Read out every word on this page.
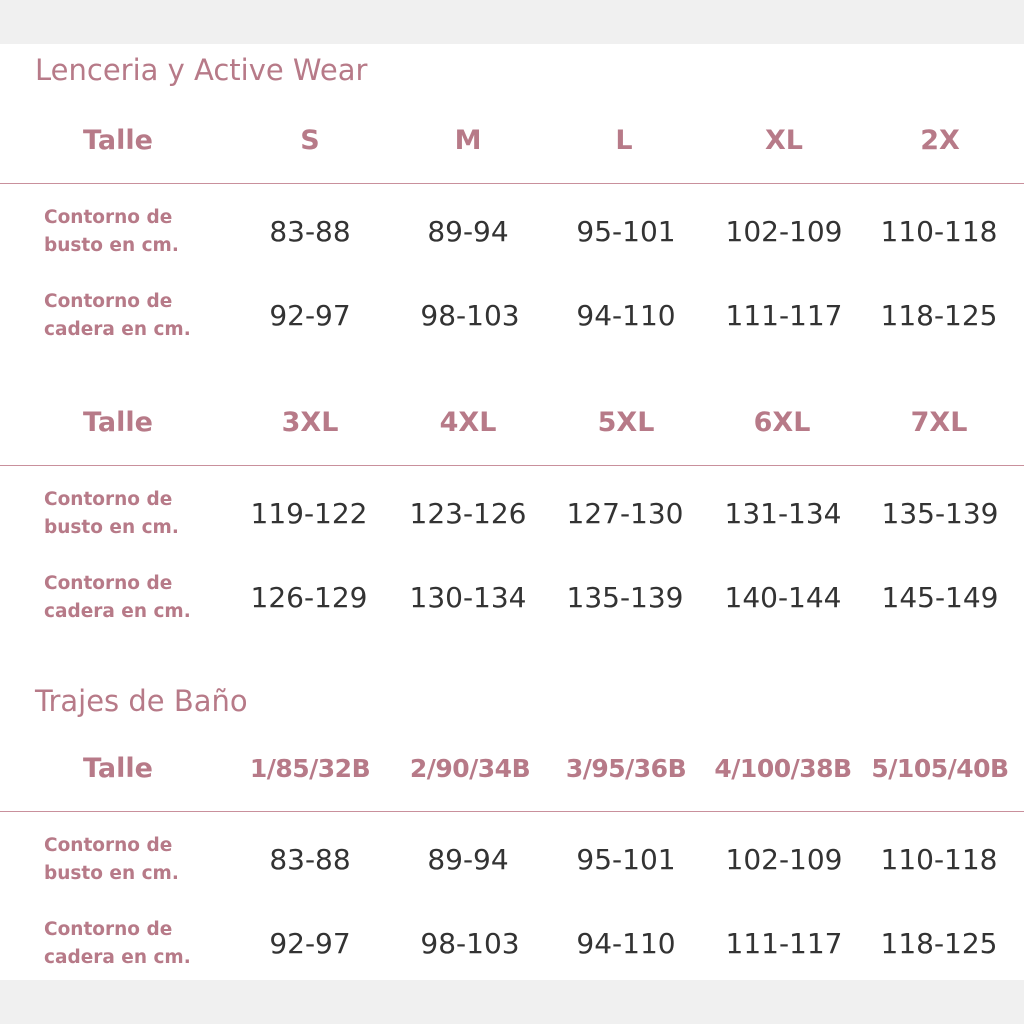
Lenceria y Active Wear
Talle	S	M	L	XL	2X
Contorno de
busto en cm.	83-88	89-94	95-101	102-109	110-118
Contorno de
cadera en cm.	92-97	98-103	94-110	111-117	118-125
Talle	3XL	4XL	5XL	6XL	7XL
Contorno de
busto en cm.	119-122	123-126	127-130	131-134	135-139
Contorno de
cadera en cm.	126-129	130-134	135-139	140-144	145-149
Trajes de Baño
Talle	1/85/32B	2/90/34B	3/95/36B	4/100/38B 5/105/40B
Contorno de
busto en cm.	83-88	89-94	95-101	102-109	110-118
Contorno de
cadera en cm.	92-97	98-103	94-110	111-117	118-125
